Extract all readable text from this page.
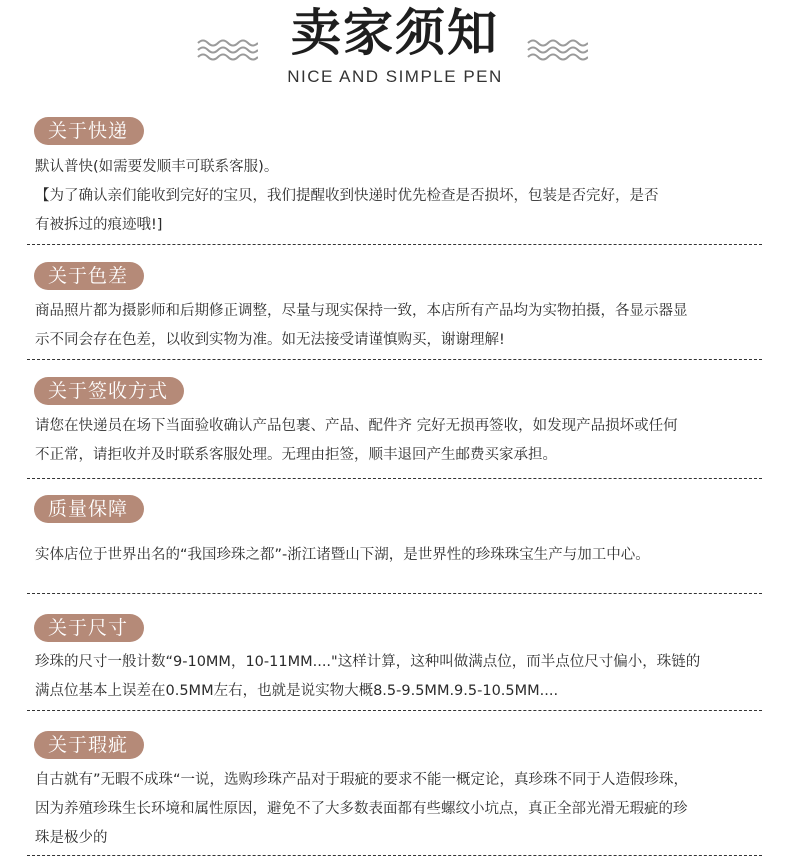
卖家须知
NICE AND SIMPLE PEN
关于快递

默认普快(如需要发顺丰可联系客服)。

【为了确认亲们能收到完好的宝贝，我们提醒收到快递时优先检查是否损坏，包装是否完好，是否

有被拆过的痕迹哦!]

关于色差

商品照片都为摄影师和后期修正调整，尽量与现实保持一致，本店所有产品均为实物拍摄，各显示器显

示不同会存在色差，以收到实物为准。如无法接受请谨慎购买，谢谢理解!

关于签收方式

请您在快递员在场下当面验收确认产品包裹、产品、配件齐 完好无损再签收，如发现产品损坏或任何

不正常，请拒收并及时联系客服处理。无理由拒签，顺丰退回产生邮费买家承担。

质量保障

实体店位于世界出名的“我国珍珠之都”-浙江诸暨山下湖，是世界性的珍珠珠宝生产与加工中心。

关于尺寸

珍珠的尺寸一般计数“9-10MM，10-11MM...."这样计算，这种叫做满点位，而半点位尺寸偏小，珠链的

满点位基本上误差在0.5MM左右，也就是说实物大概8.5-9.5MM.9.5-10.5MM....

关于瑕疵

自古就有”无暇不成珠“一说，选购珍珠产品对于瑕疵的要求不能一概定论，真珍珠不同于人造假珍珠，

因为养殖珍珠生长环境和属性原因，避免不了大多数表面都有些螺纹小坑点，真正全部光滑无瑕疵的珍

珠是极少的
